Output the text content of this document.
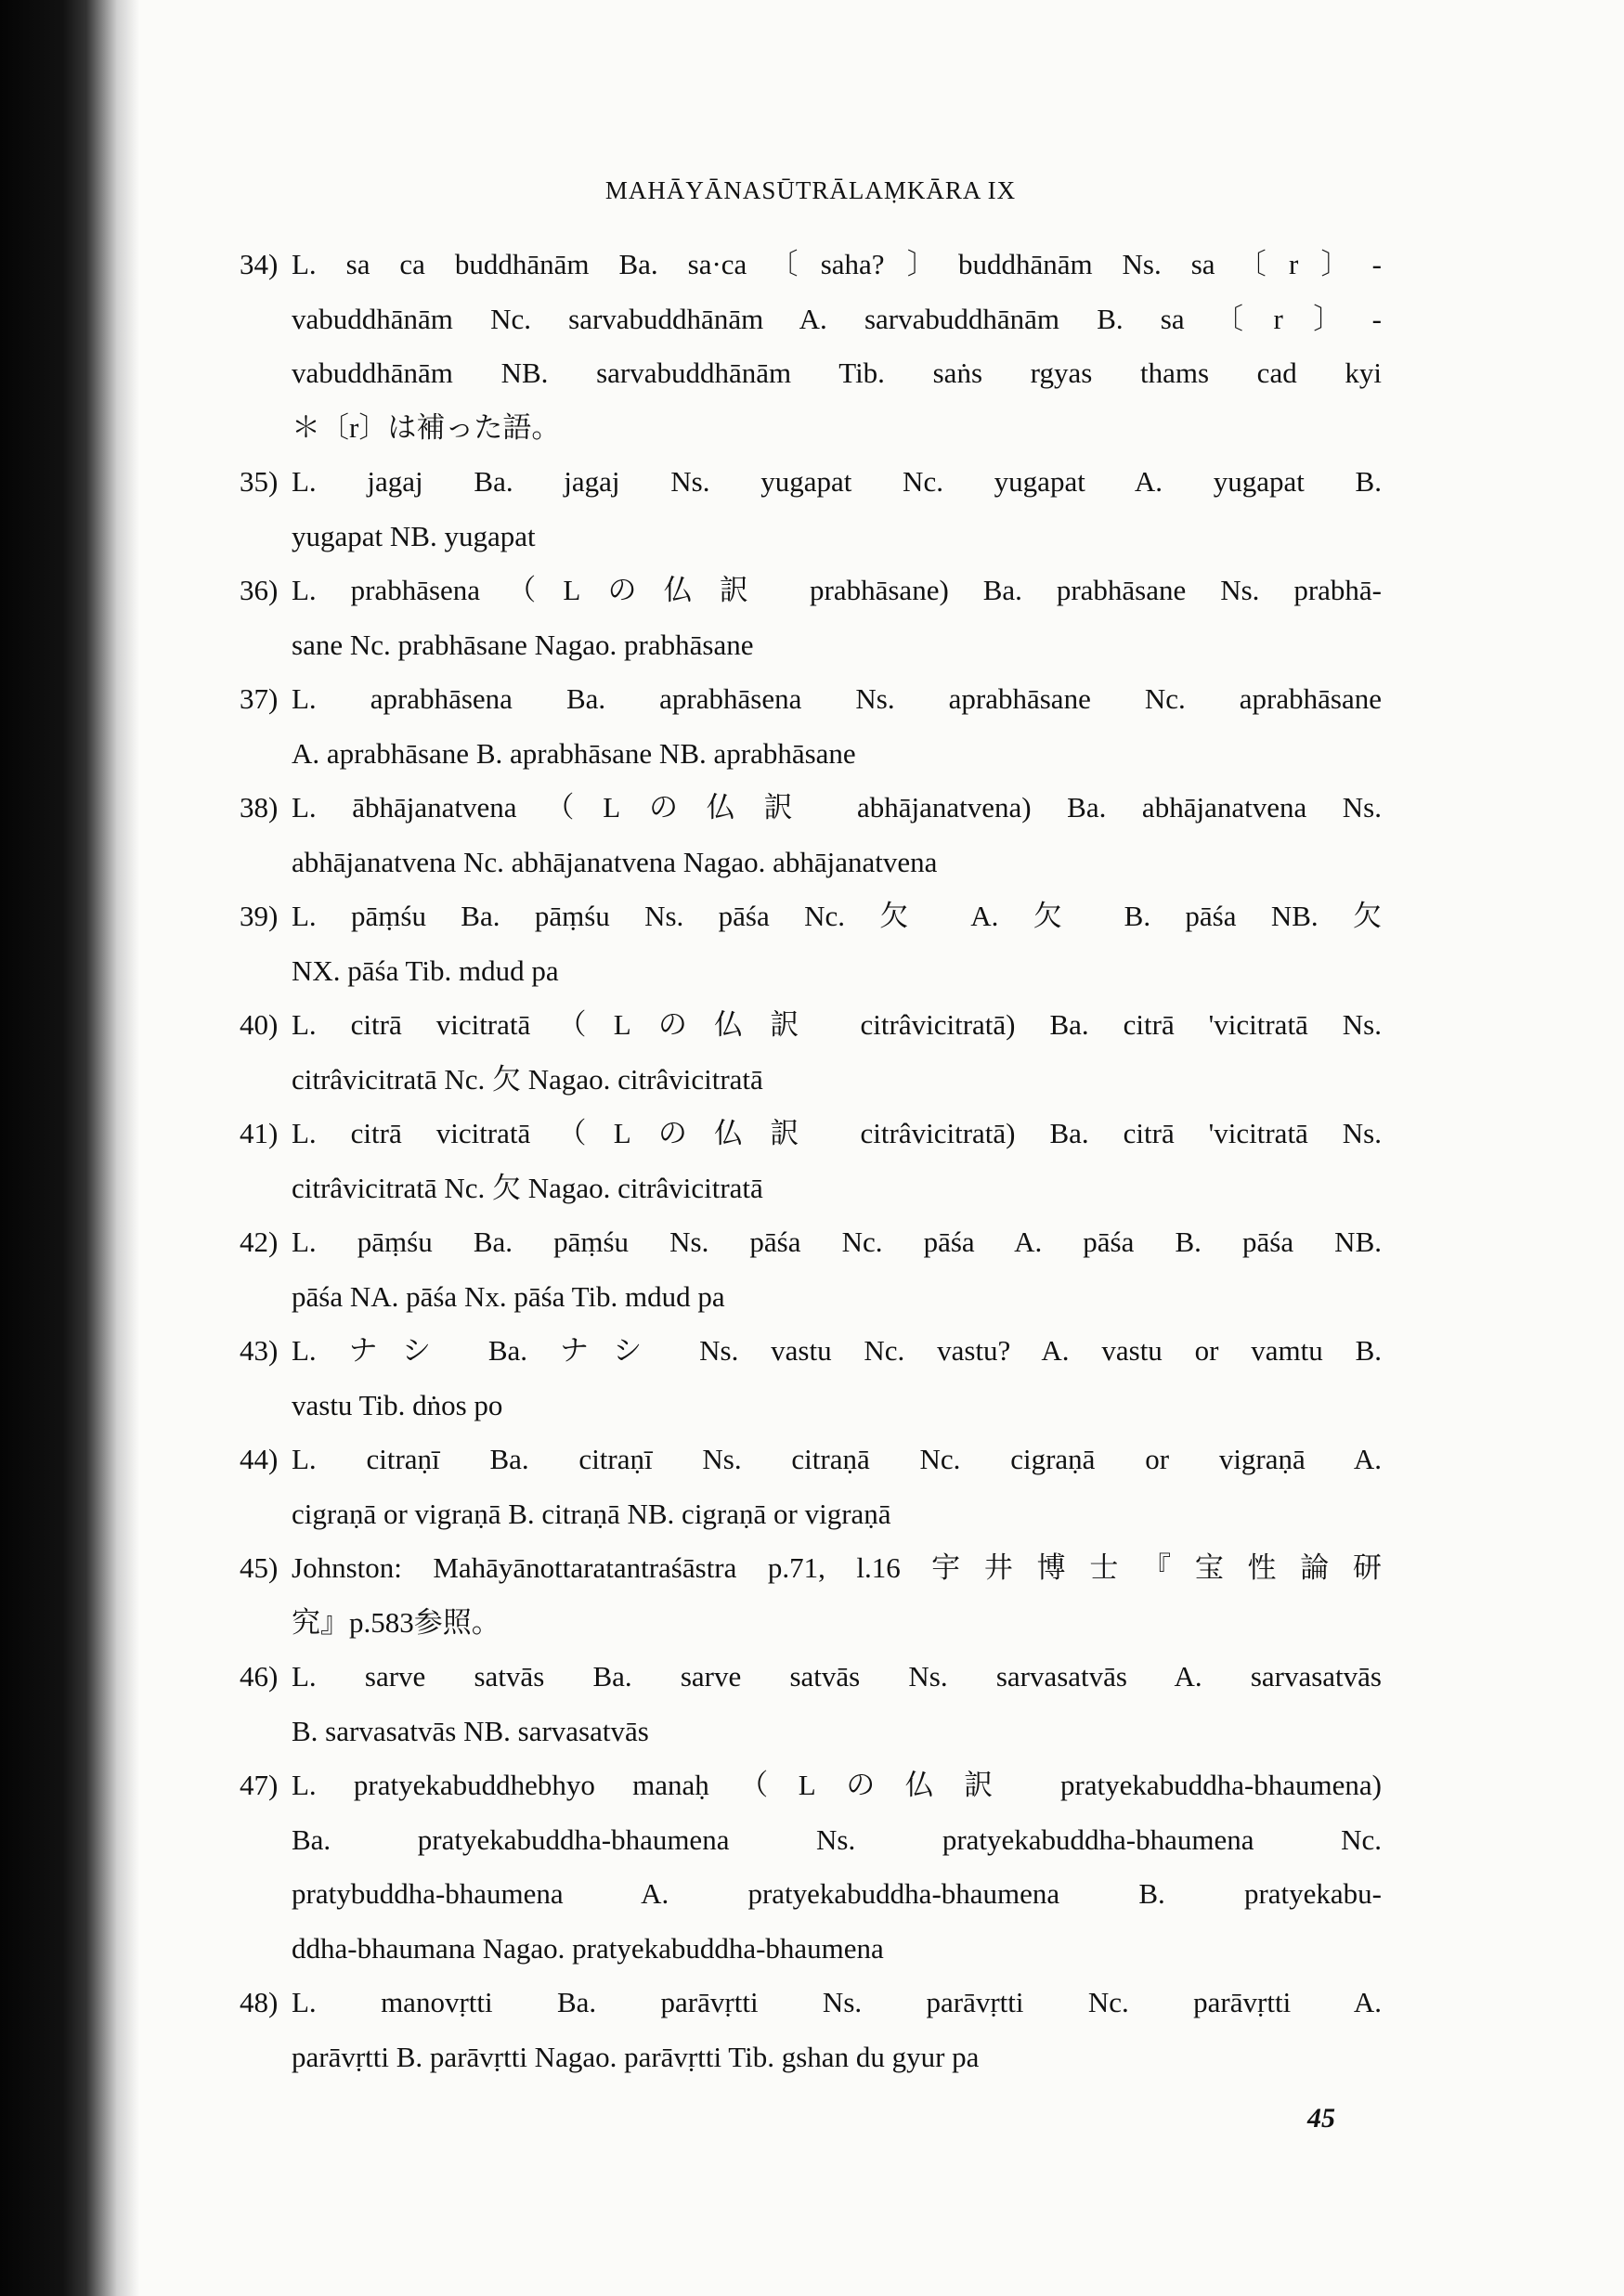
MAHĀYĀNASŪTRĀLAṂKĀRA IX
34) L. sa ca buddhānām Ba. sa·ca〔saha?〕buddhānām Ns. sa〔r〕-
vabuddhānām Nc. sarvabuddhānām A. sarvabuddhānām B. sa〔r〕-
vabuddhānām NB. sarvabuddhānām Tib. saṅs rgyas thams cad kyi
＊〔r〕は補った語。
35) L. jagaj Ba. jagaj Ns. yugapat Nc. yugapat A. yugapat B.
yugapat NB. yugapat
36) L. prabhāsena（Lの仏訳 prabhāsane) Ba. prabhāsane Ns. prabhā-
sane Nc. prabhāsane Nagao. prabhāsane
37) L. aprabhāsena Ba. aprabhāsena Ns. aprabhāsane Nc. aprabhāsane
A. aprabhāsane B. aprabhāsane NB. aprabhāsane
38) L. ābhājanatvena（Lの仏訳 abhājanatvena) Ba. abhājanatvena Ns.
abhājanatvena Nc. abhājanatvena Nagao. abhājanatvena
39) L. pāṃśu Ba. pāṃśu Ns. pāśa Nc. 欠 A. 欠 B. pāśa NB. 欠
NX. pāśa Tib. mdud pa
40) L. citrā vicitratā（Lの仏訳 citrâvicitratā) Ba. citrā 'vicitratā Ns.
citrâvicitratā Nc. 欠 Nagao. citrâvicitratā
41) L. citrā vicitratā（Lの仏訳 citrâvicitratā) Ba. citrā 'vicitratā Ns.
citrâvicitratā Nc. 欠 Nagao. citrâvicitratā
42) L. pāṃśu Ba. pāṃśu Ns. pāśa Nc. pāśa A. pāśa B. pāśa NB.
pāśa NA. pāśa Nx. pāśa Tib. mdud pa
43) L. ナシ Ba. ナシ Ns. vastu Nc. vastu? A. vastu or vamtu B.
vastu Tib. dṅos po
44) L. citraṇī Ba. citraṇī Ns. citraṇā Nc. cigraṇā or vigraṇā A.
cigraṇā or vigraṇā B. citraṇā NB. cigraṇā or vigraṇā
45) Johnston: Mahāyānottaratantraśāstra p.71, l.16 宇井博士『宝性論研
究』p.583参照。
46) L. sarve satvās Ba. sarve satvās Ns. sarvasatvās A. sarvasatvās
B. sarvasatvās NB. sarvasatvās
47) L. pratyekabuddhebhyo manaḥ（Lの仏訳 pratyekabuddha-bhaumena)
Ba. pratyekabuddha-bhaumena Ns. pratyekabuddha-bhaumena Nc.
pratybuddha-bhaumena A. pratyekabuddha-bhaumena B. pratyekabu-
ddha-bhaumana Nagao. pratyekabuddha-bhaumena
48) L. manovṛtti Ba. parāvṛtti Ns. parāvṛtti Nc. parāvṛtti A.
parāvṛtti B. parāvṛtti Nagao. parāvṛtti Tib. gshan du gyur pa
45
